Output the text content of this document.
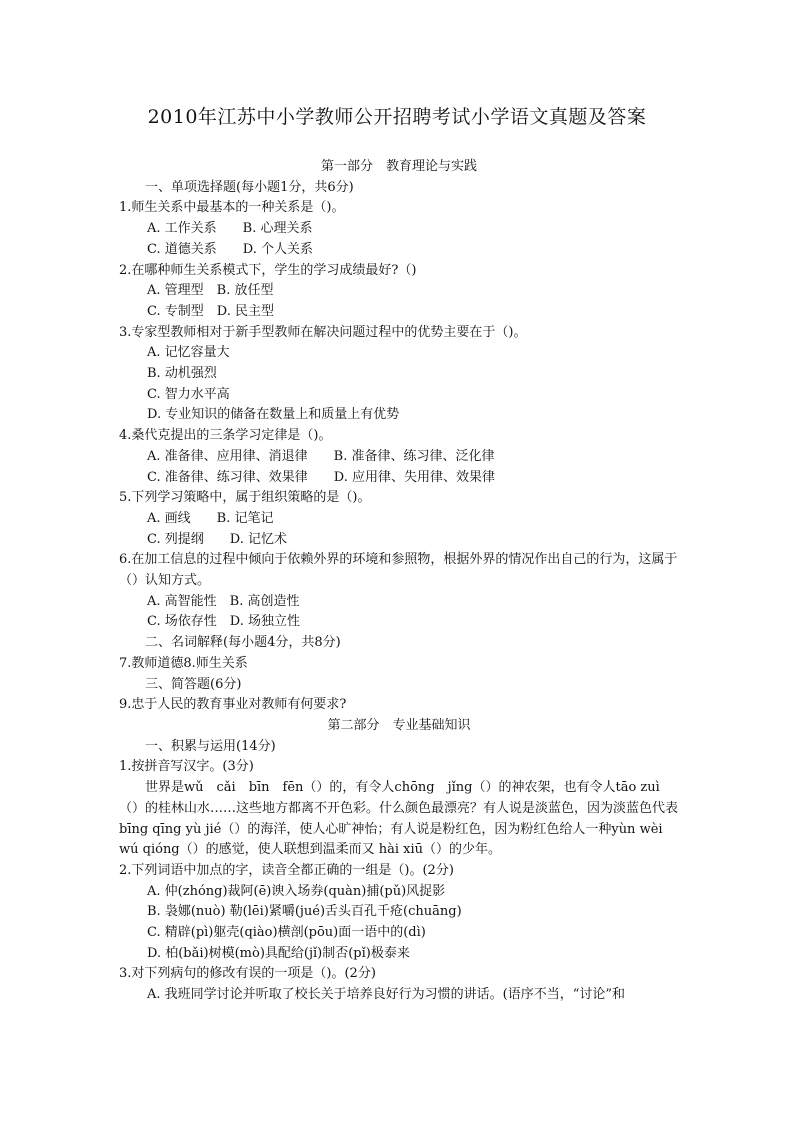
2010年江苏中小学教师公开招聘考试小学语文真题及答案
第一部分　教育理论与实践
一、单项选择题(每小题1分，共6分)
1.师生关系中最基本的一种关系是（)。
A. 工作关系　　B. 心理关系
C. 道德关系　　D. 个人关系
2.在哪种师生关系模式下，学生的学习成绩最好?（)
A. 管理型　B. 放任型
C. 专制型　D. 民主型
3.专家型教师相对于新手型教师在解决问题过程中的优势主要在于（)。
A. 记忆容量大
B. 动机强烈
C. 智力水平高
D. 专业知识的储备在数量上和质量上有优势
4.桑代克提出的三条学习定律是（)。
A. 准备律、应用律、消退律　　B. 准备律、练习律、泛化律
C. 准备律、练习律、效果律　　D. 应用律、失用律、效果律
5.下列学习策略中，属于组织策略的是（)。
A. 画线　　B. 记笔记
C. 列提纲　　D. 记忆术
6.在加工信息的过程中倾向于依赖外界的环境和参照物，根据外界的情况作出自己的行为，这属于（）认知方式。
A. 高智能性　B. 高创造性
C. 场依存性　D. 场独立性
二、名词解释(每小题4分，共8分)
7.教师道德8.师生关系
三、简答题(6分)
9.忠于人民的教育事业对教师有何要求?
第二部分　专业基础知识
一、积累与运用(14分)
1.按拼音写汉字。(3分)
世界是wǔ　cǎi　bīn　fēn（）的，有令人chōng　jǐng（）的神农架，也有令人tāo zuì（）的桂林山水……这些地方都离不开色彩。什么颜色最漂亮？有人说是淡蓝色，因为淡蓝色代表bīng qīng yù jié（）的海洋，使人心旷神怡；有人说是粉红色，因为粉红色给人一种yùn wèi wú qióng（）的感觉，使人联想到温柔而又 hài xiū（）的少年。
2.下列词语中加点的字，读音全都正确的一组是（)。(2分)
A. 仲(zhóng)裁阿(ē)谀入场券(quàn)捕(pǔ)风捉影
B. 袅娜(nuò) 勒(lēi)紧嚼(jué)舌头百孔千疮(chuāng)
C. 精辟(pì)躯壳(qiào)横剖(pōu)面一语中的(dì)
D. 柏(bǎi)树模(mò)具配给(jǐ)制否(pǐ)极泰来
3.对下列病句的修改有误的一项是（)。(2分)
A. 我班同学讨论并听取了校长关于培养良好行为习惯的讲话。(语序不当，“讨论”和
